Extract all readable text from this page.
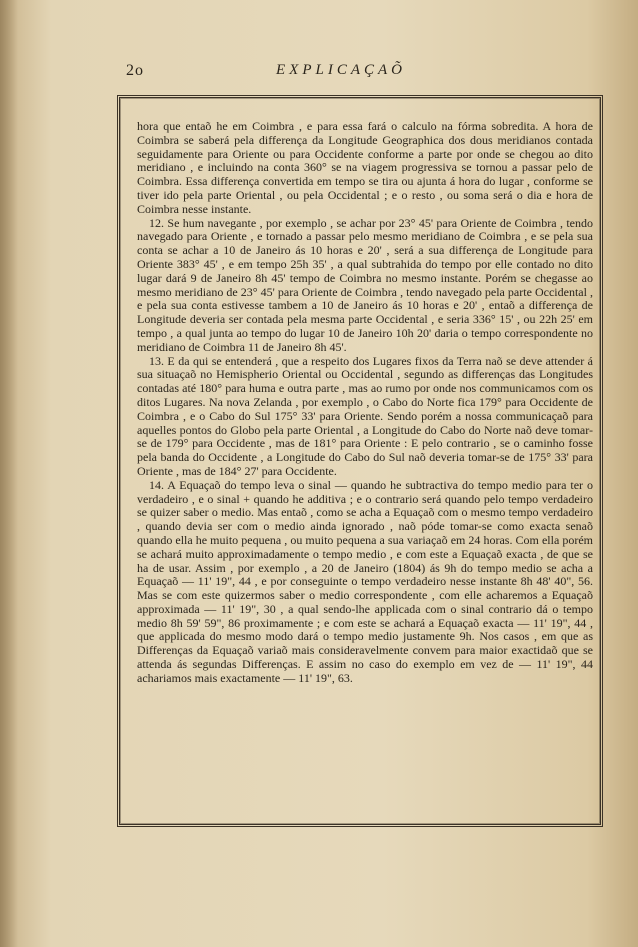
2o	EXPLICAÇAÕ

hora que entaõ he em Coimbra , e para essa fará o calculo na fórma sobredita. A hora de Coimbra se saberá pela differença da Longitude Geographica dos dous meridianos contada seguidamente para Oriente ou para Occidente conforme a parte por onde se chegou ao dito meridiano , e incluindo na conta 360° se na viagem progressiva se tornou a passar pelo de Coimbra. Essa differença convertida em tempo se tira ou ajunta á hora do lugar , conforme se tiver ido pela parte Oriental , ou pela Occidental ; e o resto , ou soma será o dia e hora de Coimbra nesse instante.

12. Se hum navegante , por exemplo , se achar por 23° 45' para Oriente de Coimbra , tendo navegado para Oriente , e tornado a passar pelo mesmo meridiano de Coimbra , e se pela sua conta se achar a 10 de Janeiro ás 10 horas e 20' , será a sua differença de Longitude para Oriente 383° 45' , e em tempo 25h 35' , a qual subtrahida do tempo por elle contado no dito lugar dará 9 de Janeiro 8h 45' tempo de Coimbra no mesmo instante. Porém se chegasse ao mesmo meridiano de 23° 45' para Oriente de Coimbra , tendo navegado pela parte Occidental , e pela sua conta estivesse tambem a 10 de Janeiro ás 10 horas e 20' , entaõ a differença de Longitude deveria ser contada pela mesma parte Occidental , e seria 336° 15' , ou 22h 25' em tempo , a qual junta ao tempo do lugar 10 de Janeiro 10h 20' daria o tempo correspondente no meridiano de Coimbra 11 de Janeiro 8h 45'.

13. E da qui se entenderá , que a respeito dos Lugares fixos da Terra naõ se deve attender á sua situaçaõ no Hemispherio Oriental ou Occidental , segundo as differenças das Longitudes contadas até 180° para huma e outra parte , mas ao rumo por onde nos communicamos com os ditos Lugares. Na nova Zelanda , por exemplo , o Cabo do Norte fica 179° para Occidente de Coimbra , e o Cabo do Sul 175° 33' para Oriente. Sendo porém a nossa communicaçaõ para aquelles pontos do Globo pela parte Oriental , a Longitude do Cabo do Norte naõ deve tomar-se de 179° para Occidente , mas de 181° para Oriente : E pelo contrario , se o caminho fosse pela banda do Occidente , a Longitude do Cabo do Sul naõ deveria tomar-se de 175° 33' para Oriente , mas de 184° 27' para Occidente.

14. A Equaçaõ do tempo leva o sinal — quando he subtractiva do tempo medio para ter o verdadeiro , e o sinal + quando he additiva ; e o contrario será quando pelo tempo verdadeiro se quizer saber o medio. Mas entaõ , como se acha a Equaçaõ com o mesmo tempo verdadeiro , quando devia ser com o medio ainda ignorado , naõ póde tomar-se como exacta senaõ quando ella he muito pequena , ou muito pequena a sua variaçaõ em 24 horas. Com ella porém se achará muito approximadamente o tempo medio , e com este a Equaçaõ exacta , de que se ha de usar. Assim , por exemplo , a 20 de Janeiro (1804) ás 9h do tempo medio se acha a Equaçaõ — 11' 19", 44 , e por conseguinte o tempo verdadeiro nesse instante 8h 48' 40", 56. Mas se com este quizermos saber o medio correspondente , com elle acharemos a Equaçaõ approximada — 11' 19", 30 , a qual sendo-lhe applicada com o sinal contrario dá o tempo medio 8h 59' 59", 86 proximamente ; e com este se achará a Equaçaõ exacta — 11' 19", 44 , que applicada do mesmo modo dará o tempo medio justamente 9h. Nos casos , em que as Differenças da Equaçaõ variaõ mais consideravelmente convem para maior exactidaõ que se attenda ás segundas Differenças. E assim no caso do exemplo em vez de — 11' 19", 44 achariamos mais exactamente — 11' 19", 63.
